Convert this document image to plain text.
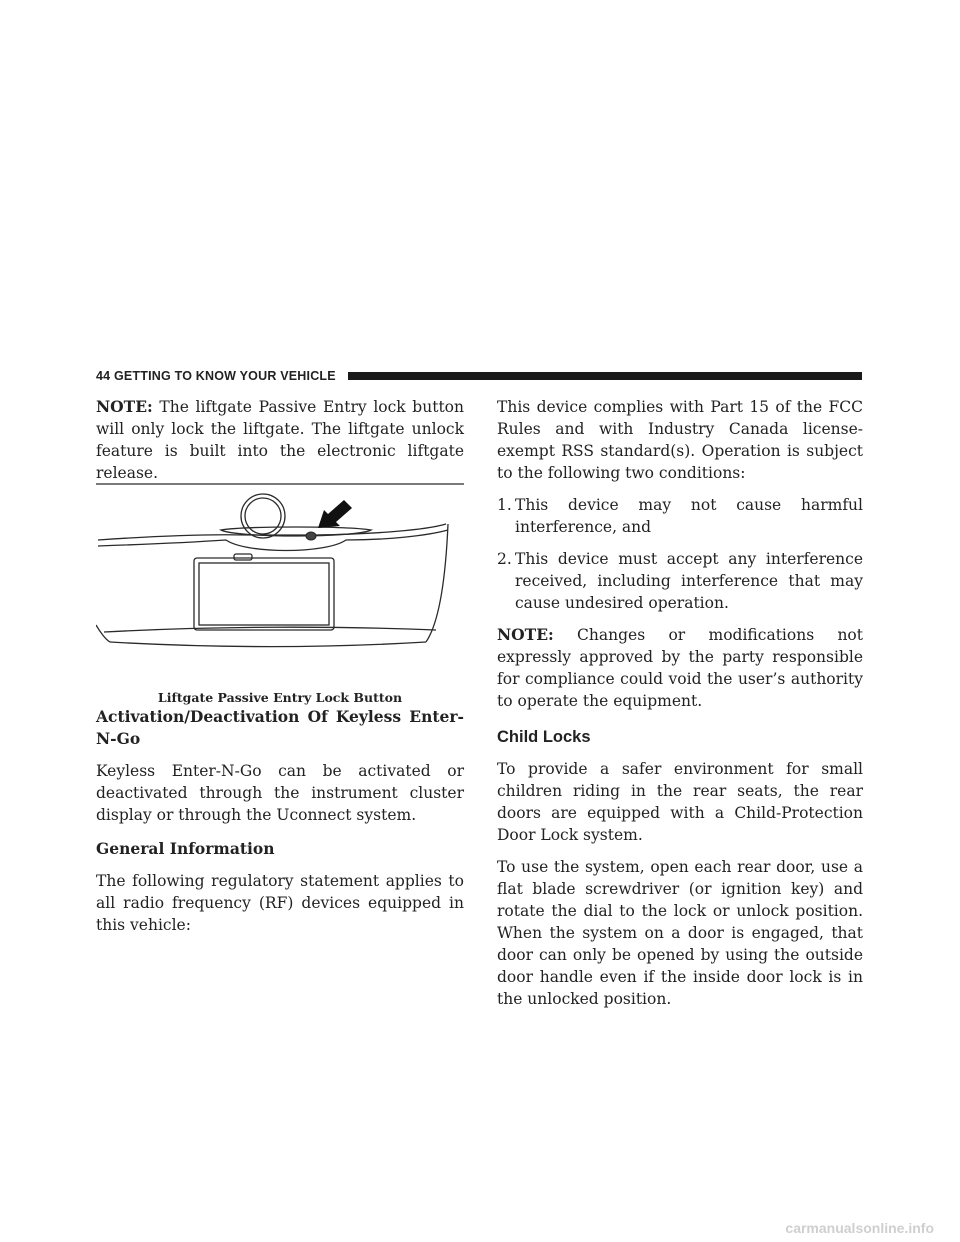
44 GETTING TO KNOW YOUR VEHICLE

NOTE: The liftgate Passive Entry lock button will only lock the liftgate. The liftgate unlock feature is built into the electronic liftgate release.

Liftgate Passive Entry Lock Button

Activation/Deactivation Of Keyless Enter-N-Go

Keyless Enter-N-Go can be activated or deactivated through the instrument cluster display or through the Uconnect system.

General Information

The following regulatory statement applies to all radio frequency (RF) devices equipped in this vehicle:

This device complies with Part 15 of the FCC Rules and with Industry Canada license-exempt RSS standard(s). Operation is subject to the following two conditions:

1. This device may not cause harmful interference, and
2. This device must accept any interference received, including interference that may cause undesired operation.

NOTE: Changes or modifications not expressly approved by the party responsible for compliance could void the user’s authority to operate the equipment.

Child Locks

To provide a safer environment for small children riding in the rear seats, the rear doors are equipped with a Child-Protection Door Lock system.

To use the system, open each rear door, use a flat blade screwdriver (or ignition key) and rotate the dial to the lock or unlock position. When the system on a door is engaged, that door can only be opened by using the outside door handle even if the inside door lock is in the unlocked position.

carmanualsonline.info
